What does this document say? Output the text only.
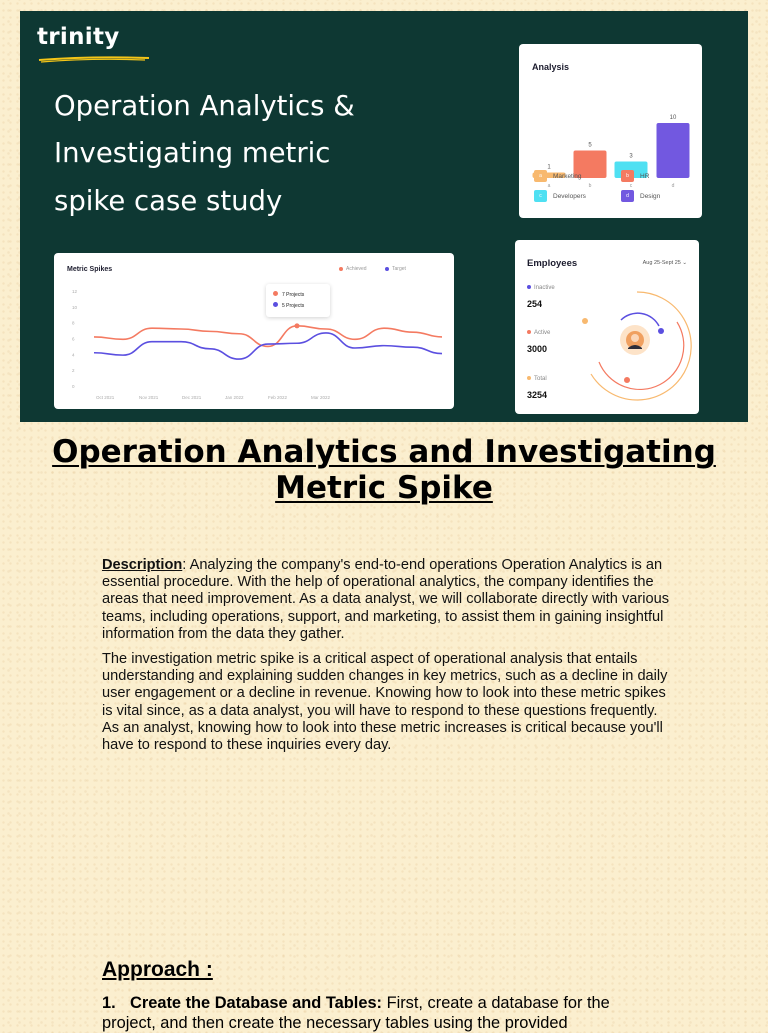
trinity
Operation Analytics &
Investigating metric
spike case study
Analysis
1
a
5
b
3
c
10
d
a	Marketing	b	HR
c	Developers	d	Design
Metric Spikes	Achieved	Target
12
10
8
6
4
2
0
Oct 2021	Nov 2021	Dec 2021	Jan 2022	Feb 2022	Mar 2022
7 Projects
5 Projects
Employees	Aug 25-Sept 25 ⌄
Inactive
254
Active
3000
Total
3254
Operation Analytics and Investigating Metric Spike

Description: Analyzing the company's end-to-end operations Operation Analytics is an essential procedure. With the help of operational analytics, the company identifies the areas that need improvement. As a data analyst, we will collaborate directly with various teams, including operations, support, and marketing, to assist them in gaining insightful information from the data they gather.

The investigation metric spike is a critical aspect of operational analysis that entails understanding and explaining sudden changes in key metrics, such as a decline in daily user engagement or a decline in revenue. Knowing how to look into these metric spikes is vital since, as a data analyst, you will have to respond to these questions frequently. As an analyst, knowing how to look into these metric increases is critical because you'll have to respond to these inquiries every day.

Approach :
1. Create the Database and Tables: First, create a database for the project, and then create the necessary tables using the provided
